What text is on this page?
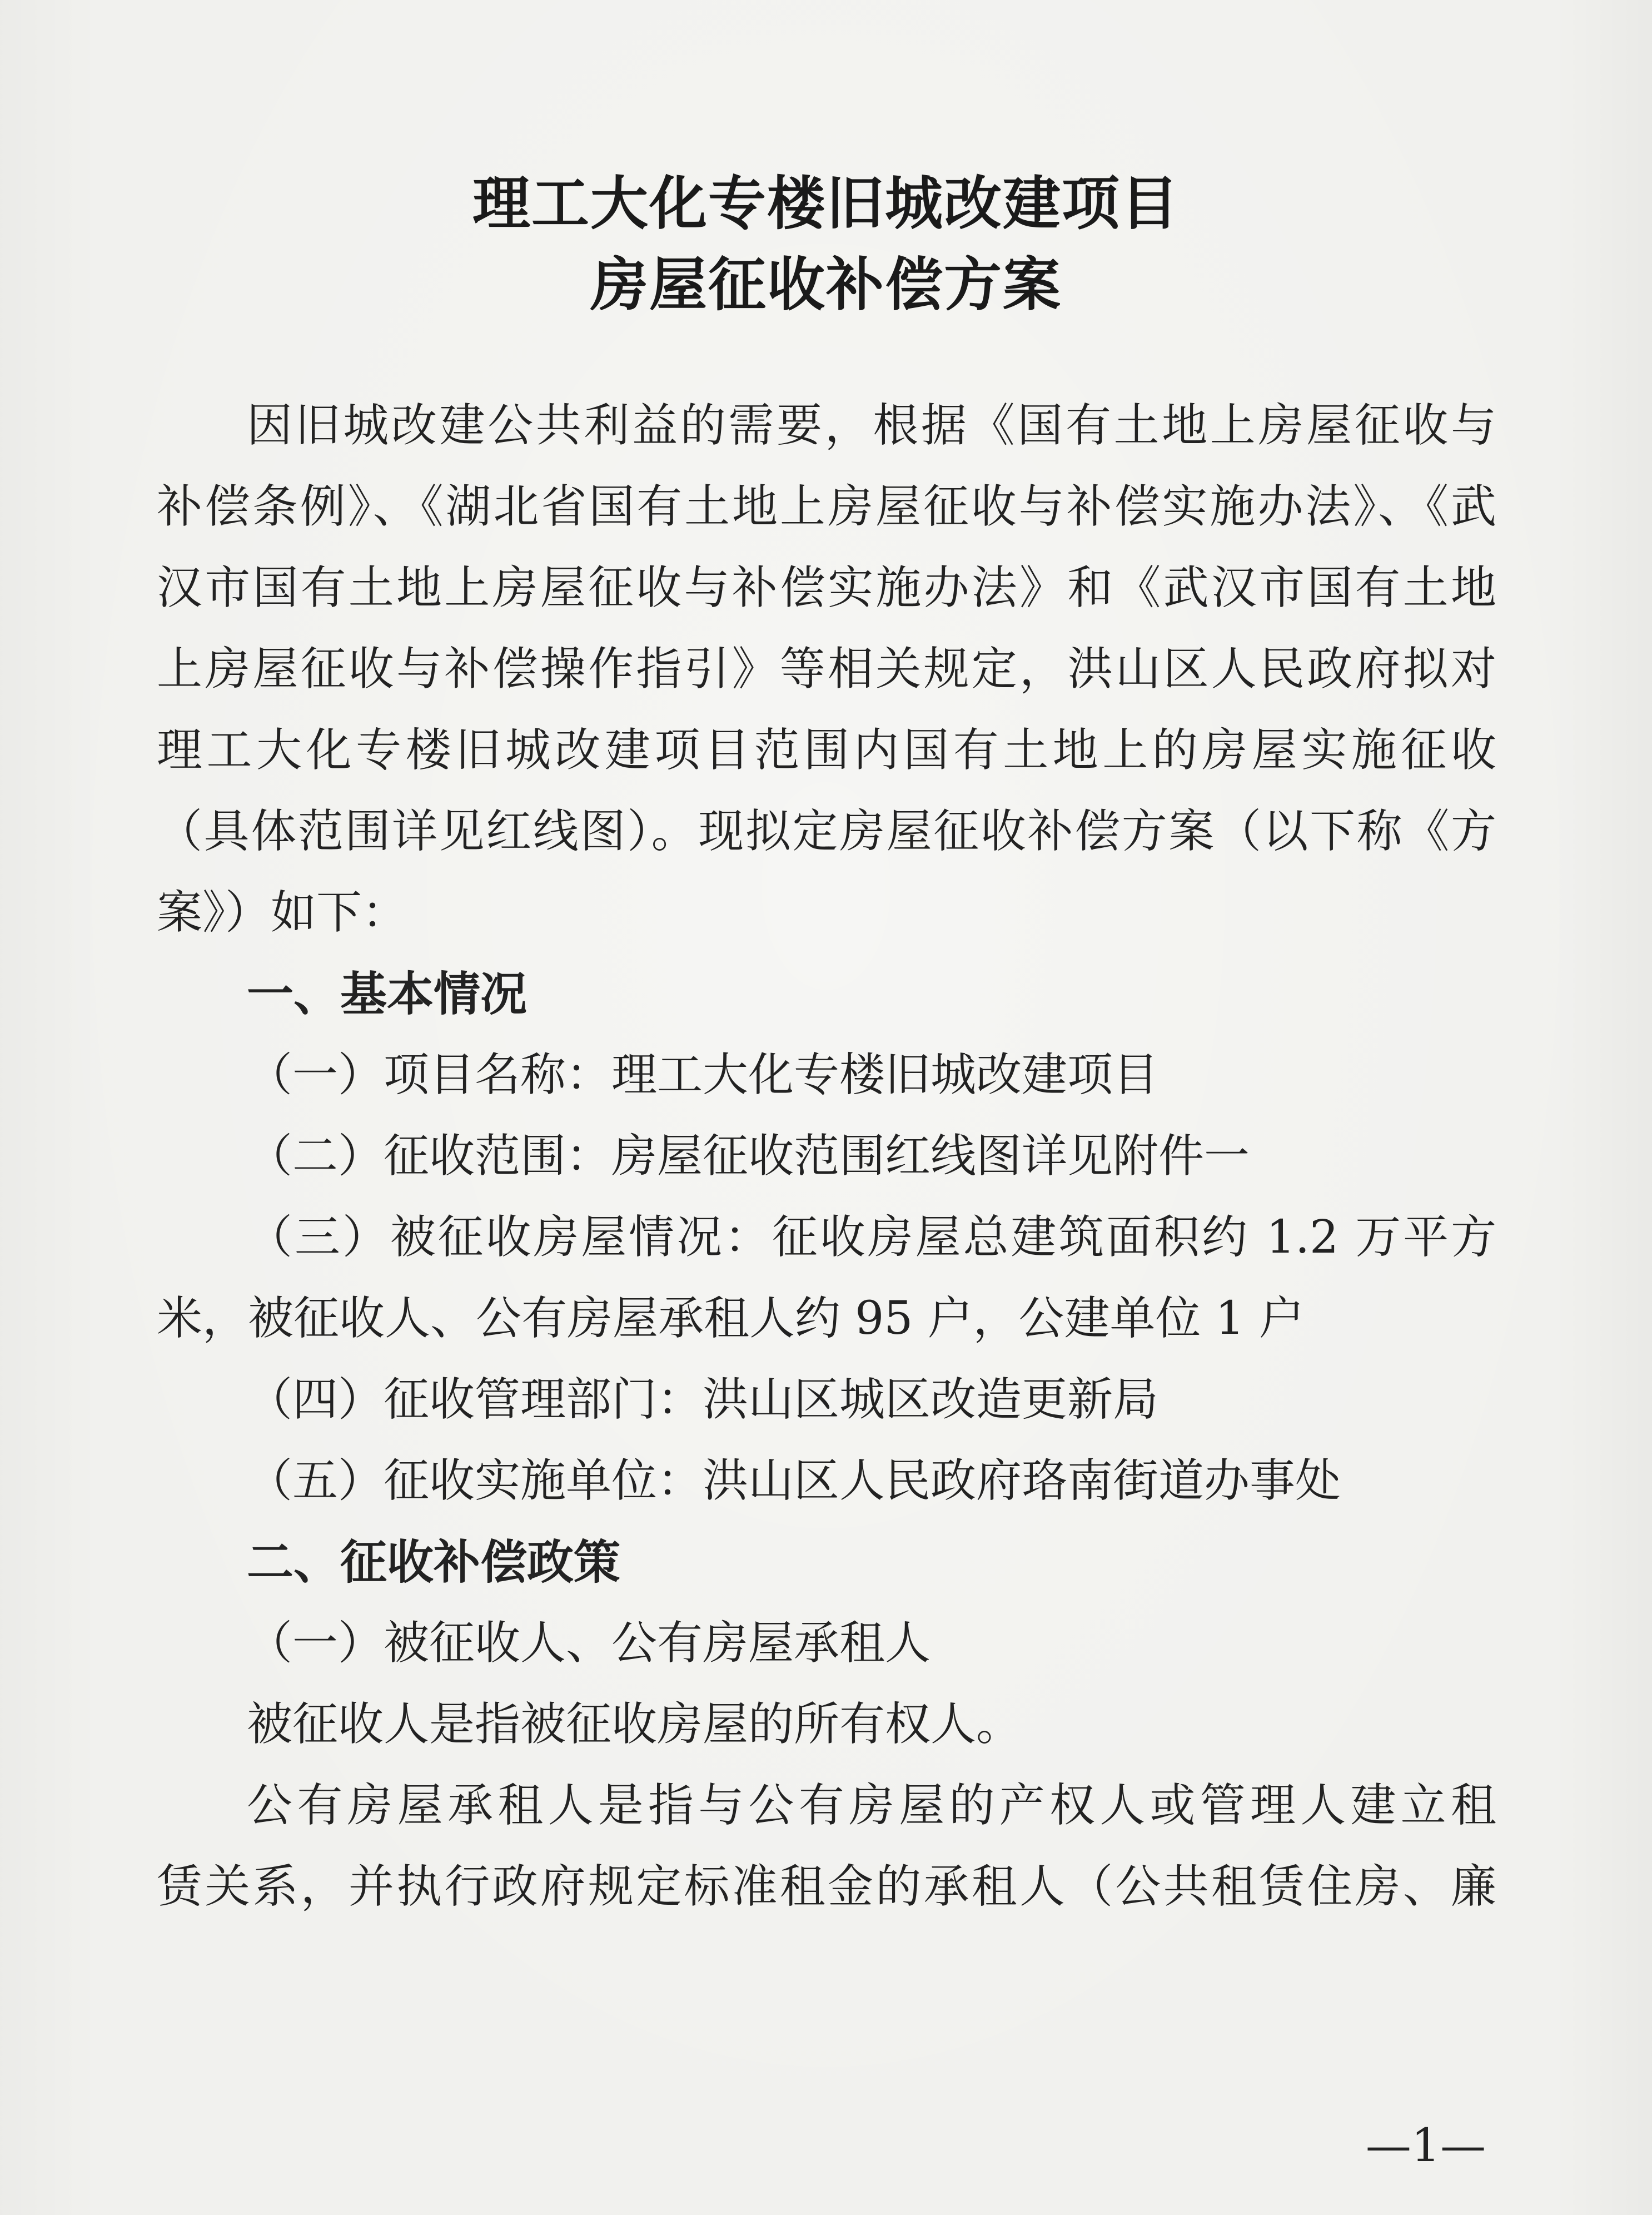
理工大化专楼旧城改建项目
房屋征收补偿方案
因旧城改建公共利益的需要，根据《国有土地上房屋征收与
补偿条例》、《湖北省国有土地上房屋征收与补偿实施办法》、《武
汉市国有土地上房屋征收与补偿实施办法》和《武汉市国有土地
上房屋征收与补偿操作指引》等相关规定，洪山区人民政府拟对
理工大化专楼旧城改建项目范围内国有土地上的房屋实施征收
（具体范围详见红线图）。现拟定房屋征收补偿方案（以下称《方
案》）如下：
一、基本情况
（一）项目名称：理工大化专楼旧城改建项目
（二）征收范围：房屋征收范围红线图详见附件一
（三）被征收房屋情况：征收房屋总建筑面积约 1.2 万平方
米，被征收人、公有房屋承租人约 95 户，公建单位 1 户
（四）征收管理部门：洪山区城区改造更新局
（五）征收实施单位：洪山区人民政府珞南街道办事处
二、征收补偿政策
（一）被征收人、公有房屋承租人
被征收人是指被征收房屋的所有权人。
公有房屋承租人是指与公有房屋的产权人或管理人建立租
赁关系，并执行政府规定标准租金的承租人（公共租赁住房、廉
—1—
